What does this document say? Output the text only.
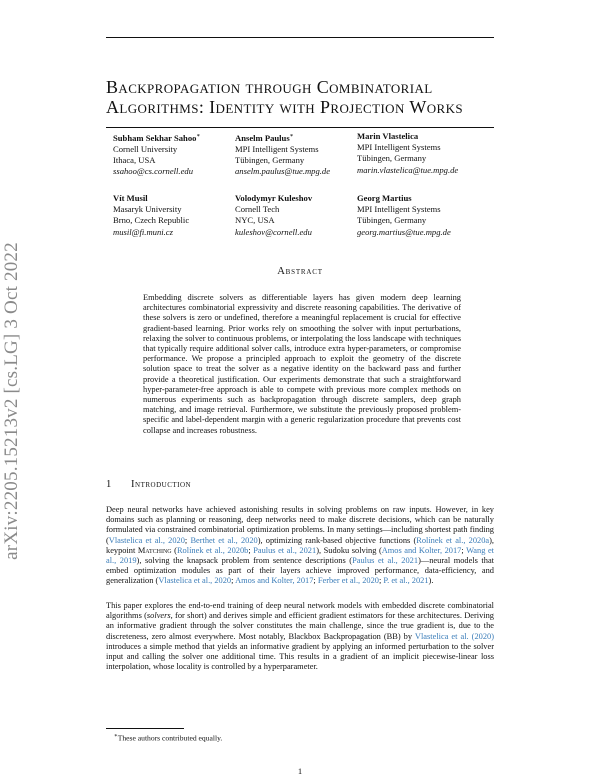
Backpropagation through Combinatorial
Algorithms: Identity with Projection Works
arXiv:2205.15213v2 [cs.LG] 3 Oct 2022
Subham Sekhar Sahoo∗
Cornell University
Ithaca, USA
ssahoo@cs.cornell.edu
Anselm Paulus∗
MPI Intelligent Systems
Tübingen, Germany
anselm.paulus@tue.mpg.de
Marin Vlastelica
MPI Intelligent Systems
Tübingen, Germany
marin.vlastelica@tue.mpg.de
Vít Musil
Masaryk University
Brno, Czech Republic
musil@fi.muni.cz
Volodymyr Kuleshov
Cornell Tech
NYC, USA
kuleshov@cornell.edu
Georg Martius
MPI Intelligent Systems
Tübingen, Germany
georg.martius@tue.mpg.de
Abstract
Embedding discrete solvers as differentiable layers has given modern deep learning architectures combinatorial expressivity and discrete reasoning capabilities. The derivative of these solvers is zero or undefined, therefore a meaningful replacement is crucial for effective gradient-based learning. Prior works rely on smoothing the solver with input perturbations, relaxing the solver to continuous problems, or interpolating the loss landscape with techniques that typically require additional solver calls, introduce extra hyper-parameters, or compromise performance. We propose a principled approach to exploit the geometry of the discrete solution space to treat the solver as a negative identity on the backward pass and further provide a theoretical justification. Our experiments demonstrate that such a straightforward hyper-parameter-free approach is able to compete with previous more complex methods on numerous experiments such as backpropagation through discrete samplers, deep graph matching, and image retrieval. Furthermore, we substitute the previously proposed problem-specific and label-dependent margin with a generic regularization procedure that prevents cost collapse and increases robustness.
1 Introduction
Deep neural networks have achieved astonishing results in solving problems on raw inputs. However, in key domains such as planning or reasoning, deep networks need to make discrete decisions, which can be naturally formulated via constrained combinatorial optimization problems. In many settings—including shortest path finding (Vlastelica et al., 2020; Berthet et al., 2020), optimizing rank-based objective functions (Rolínek et al., 2020a), keypoint Matching (Rolínek et al., 2020b; Paulus et al., 2021), Sudoku solving (Amos and Kolter, 2017; Wang et al., 2019), solving the knapsack problem from sentence descriptions (Paulus et al., 2021)—neural models that embed optimization modules as part of their layers achieve improved performance, data-efficiency, and generalization (Vlastelica et al., 2020; Amos and Kolter, 2017; Ferber et al., 2020; P. et al., 2021).
This paper explores the end-to-end training of deep neural network models with embedded discrete combinatorial algorithms (solvers, for short) and derives simple and efficient gradient estimators for these architectures. Deriving an informative gradient through the solver constitutes the main challenge, since the true gradient is, due to the discreteness, zero almost everywhere. Most notably, Blackbox Backpropagation (BB) by Vlastelica et al. (2020) introduces a simple method that yields an informative gradient by applying an informed perturbation to the solver input and calling the solver one additional time. This results in a gradient of an implicit piecewise-linear loss interpolation, whose locality is controlled by a hyperparameter.
∗These authors contributed equally.
1
